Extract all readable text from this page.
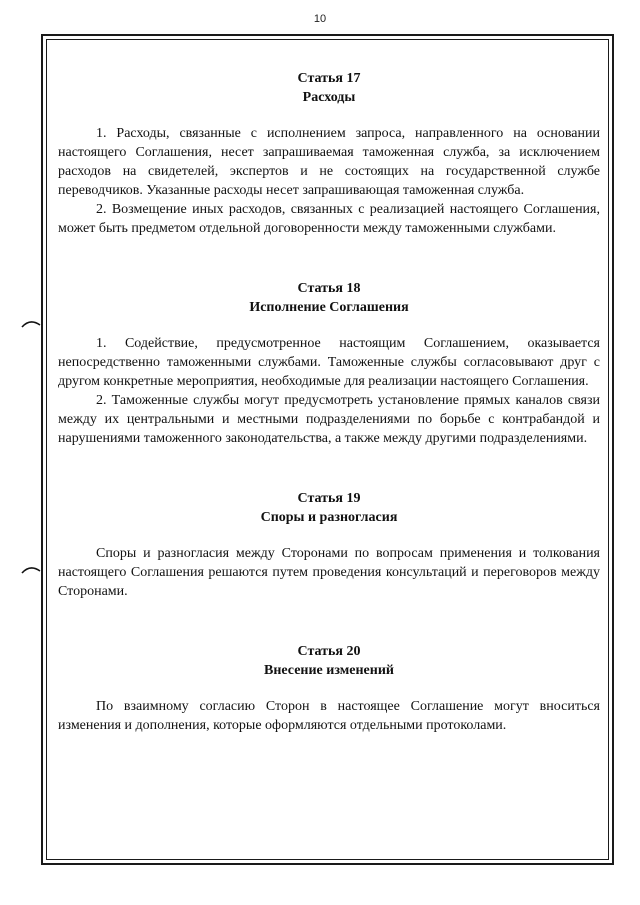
10

Статья 17

Расходы

1. Расходы, связанные с исполнением запроса, направленного на основании настоящего Соглашения, несет запрашиваемая таможенная служба, за исключением расходов на свидетелей, экспертов и не состоящих на государственной службе переводчиков. Указанные расходы несет запрашивающая таможенная служба.

2. Возмещение иных расходов, связанных с реализацией настоящего Соглашения, может быть предметом отдельной договоренности между таможенными службами.

Статья 18

Исполнение Соглашения

1. Содействие, предусмотренное настоящим Соглашением, оказывается непосредственно таможенными службами. Таможенные службы согласовывают друг с другом конкретные мероприятия, необходимые для реализации настоящего Соглашения.

2. Таможенные службы могут предусмотреть установление прямых каналов связи между их центральными и местными подразделениями по борьбе с контрабандой и нарушениями таможенного законодательства, а также между другими подразделениями.

Статья 19

Споры и разногласия

Споры и разногласия между Сторонами по вопросам применения и толкования настоящего Соглашения решаются путем проведения консультаций и переговоров между Сторонами.

Статья 20

Внесение изменений

По взаимному согласию Сторон в настоящее Соглашение могут вноситься изменения и дополнения, которые оформляются отдельными протоколами.
